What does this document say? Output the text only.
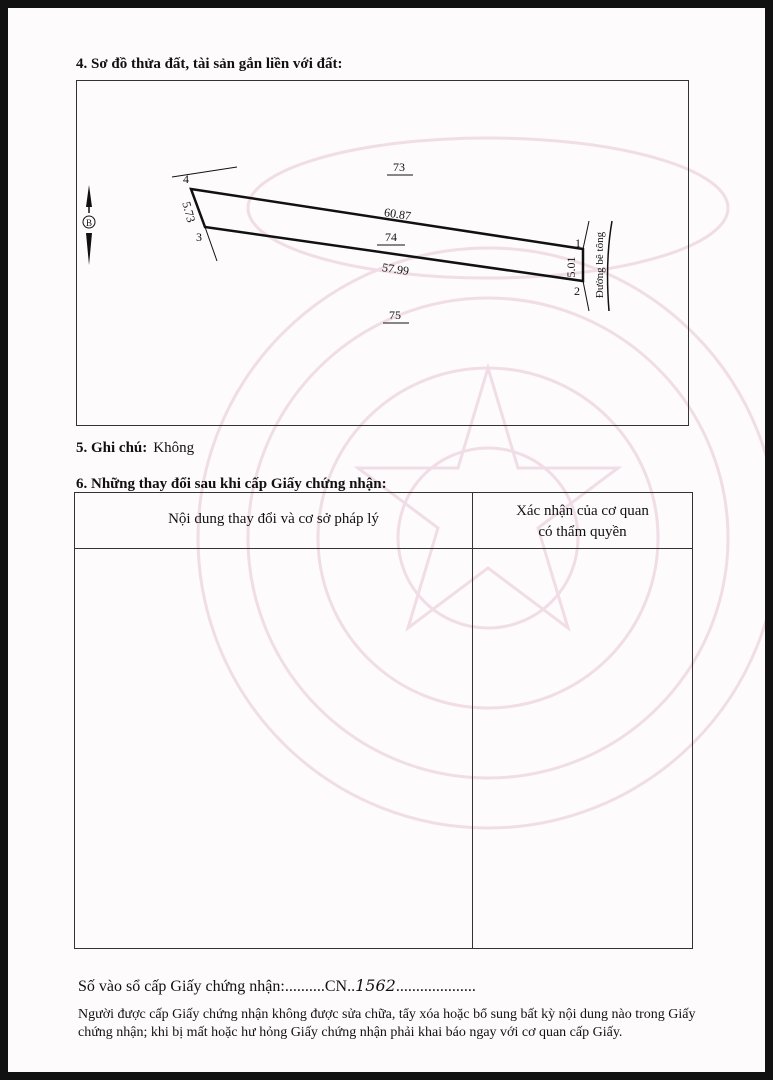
4. Sơ đồ thửa đất, tài sản gắn liền với đất:
73
74
75
60.87
57.99
5.73
5.01
4
3	1
2 Đường bê tông
B
5. Ghi chú: Không
6. Những thay đổi sau khi cấp Giấy chứng nhận:
Nội dung thay đổi và cơ sở pháp lý	Xác nhận của cơ quan
có thẩm quyền
Số vào sổ cấp Giấy chứng nhận:..........CN..1562....................
Người được cấp Giấy chứng nhận không được sửa chữa, tẩy xóa hoặc bổ sung bất kỳ nội dung nào trong Giấy chứng nhận; khi bị mất hoặc hư hỏng Giấy chứng nhận phải khai báo ngay với cơ quan cấp Giấy.
